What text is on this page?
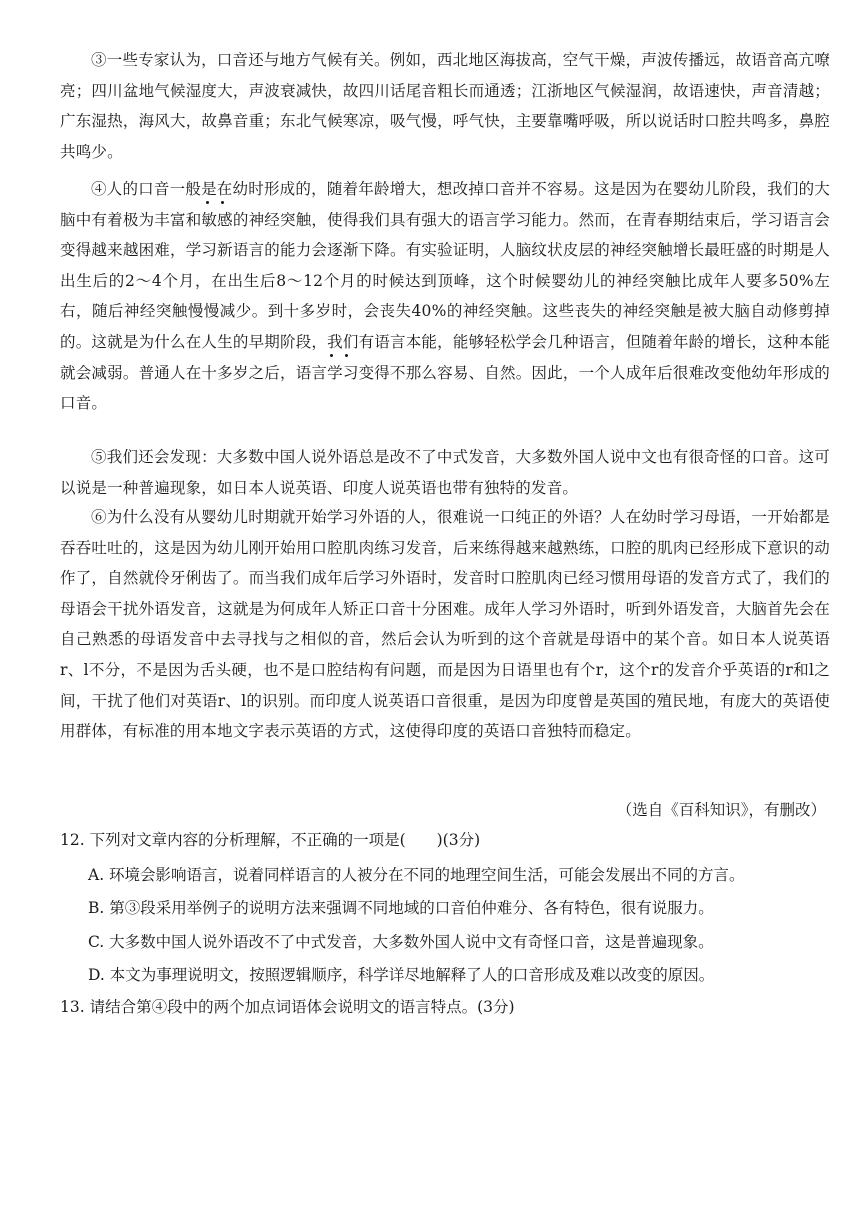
③一些专家认为，口音还与地方气候有关。例如，西北地区海拔高，空气干燥，声波传播远，故语音高亢嘹亮；四川盆地气候湿度大，声波衰减快，故四川话尾音粗长而通透；江浙地区气候湿润，故语速快，声音清越；广东湿热，海风大，故鼻音重；东北气候寒凉，吸气慢，呼气快，主要靠嘴呼吸，所以说话时口腔共鸣多，鼻腔共鸣少。

④人的口音一般是在幼时形成的，随着年龄增大，想改掉口音并不容易。这是因为在婴幼儿阶段，我们的大脑中有着极为丰富和敏感的神经突触，使得我们具有强大的语言学习能力。然而，在青春期结束后，学习语言会变得越来越困难，学习新语言的能力会逐渐下降。有实验证明，人脑纹状皮层的神经突触增长最旺盛的时期是人出生后的2～4个月，在出生后8～12个月的时候达到顶峰，这个时候婴幼儿的神经突触比成年人要多50%左右，随后神经突触慢慢减少。到十多岁时，会丧失40%的神经突触。这些丧失的神经突触是被大脑自动修剪掉的。这就是为什么在人生的早期阶段，我们有语言本能，能够轻松学会几种语言，但随着年龄的增长，这种本能就会减弱。普通人在十多岁之后，语言学习变得不那么容易、自然。因此，一个人成年后很难改变他幼年形成的口音。

⑤我们还会发现：大多数中国人说外语总是改不了中式发音，大多数外国人说中文也有很奇怪的口音。这可以说是一种普遍现象，如日本人说英语、印度人说英语也带有独特的发音。

⑥为什么没有从婴幼儿时期就开始学习外语的人，很难说一口纯正的外语？人在幼时学习母语，一开始都是吞吞吐吐的，这是因为幼儿刚开始用口腔肌肉练习发音，后来练得越来越熟练，口腔的肌肉已经形成下意识的动作了，自然就伶牙俐齿了。而当我们成年后学习外语时，发音时口腔肌肉已经习惯用母语的发音方式了，我们的母语会干扰外语发音，这就是为何成年人矫正口音十分困难。成年人学习外语时，听到外语发音，大脑首先会在自己熟悉的母语发音中去寻找与之相似的音，然后会认为听到的这个音就是母语中的某个音。如日本人说英语r、l不分，不是因为舌头硬，也不是口腔结构有问题，而是因为日语里也有个r，这个r的发音介乎英语的r和l之间，干扰了他们对英语r、l的识别。而印度人说英语口音很重，是因为印度曾是英国的殖民地，有庞大的英语使用群体，有标准的用本地文字表示英语的方式，这使得印度的英语口音独特而稳定。

（选自《百科知识》，有删改）

12. 下列对文章内容的分析理解，不正确的一项是(　　)(3分)

A. 环境会影响语言，说着同样语言的人被分在不同的地理空间生活，可能会发展出不同的方言。

B. 第③段采用举例子的说明方法来强调不同地域的口音伯仲难分、各有特色，很有说服力。

C. 大多数中国人说外语改不了中式发音，大多数外国人说中文有奇怪口音，这是普遍现象。

D. 本文为事理说明文，按照逻辑顺序，科学详尽地解释了人的口音形成及难以改变的原因。

13. 请结合第④段中的两个加点词语体会说明文的语言特点。(3分)
